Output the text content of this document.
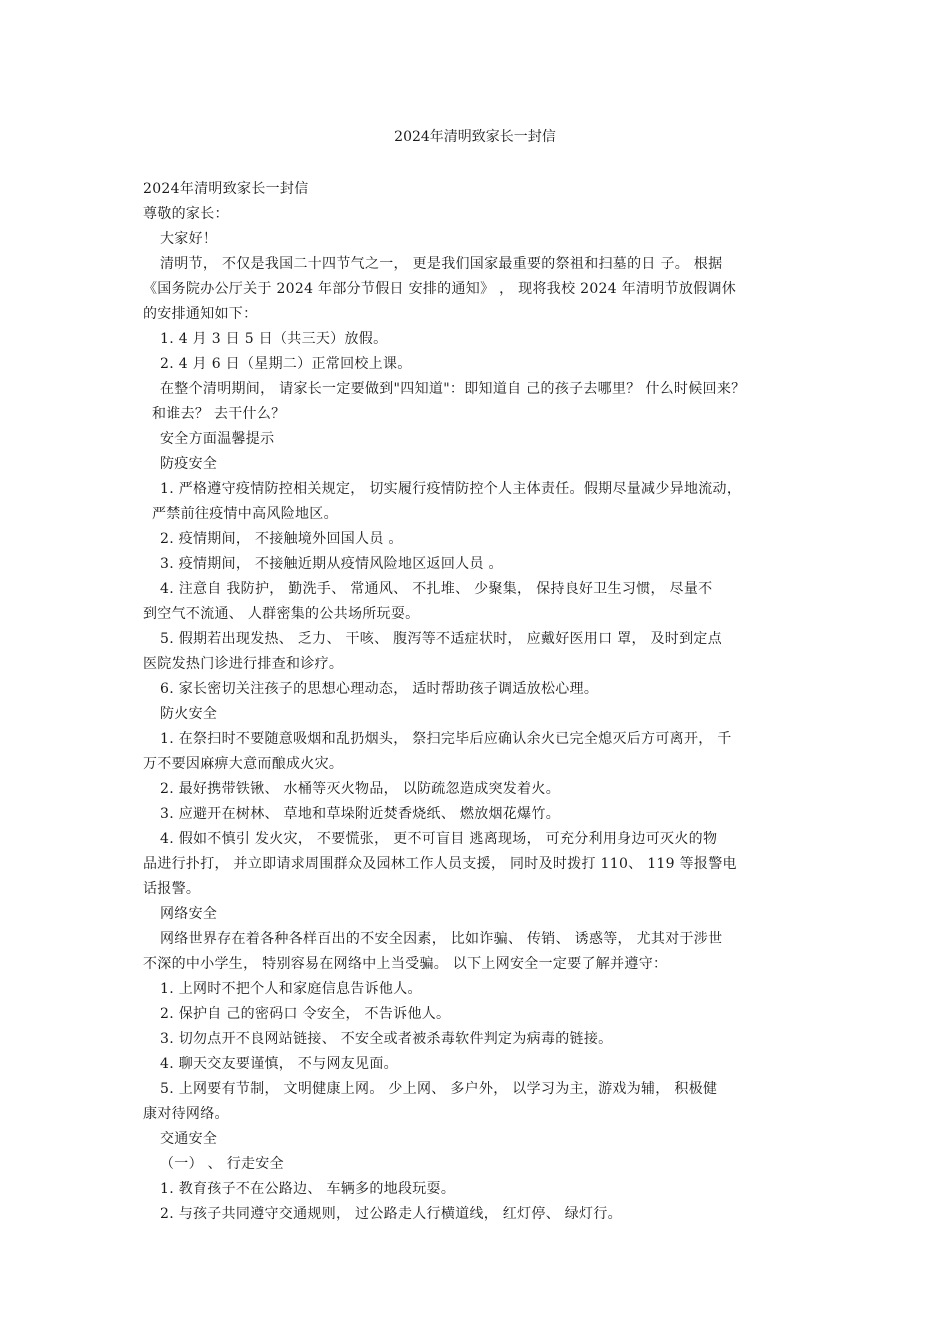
2024年清明致家长一封信
2024年清明致家长一封信
尊敬的家长：
大家好！
清明节， 不仅是我国二十四节气之一， 更是我们国家最重要的祭祖和扫墓的日 子。 根据
《国务院办公厅关于 2024 年部分节假日 安排的通知》 ， 现将我校 2024 年清明节放假调休
的安排通知如下：
1. 4 月 3 日 5 日（共三天）放假。
2. 4 月 6 日（星期二）正常回校上课。
在整个清明期间， 请家长一定要做到"四知道"：即知道自 己的孩子去哪里？ 什么时候回来？
和谁去？ 去干什么？
安全方面温馨提示
防疫安全
1. 严格遵守疫情防控相关规定， 切实履行疫情防控个人主体责任。假期尽量减少异地流动，
严禁前往疫情中高风险地区。
2. 疫情期间， 不接触境外回国人员 。
3. 疫情期间， 不接触近期从疫情风险地区返回人员 。
4. 注意自 我防护， 勤洗手、 常通风、 不扎堆、 少聚集， 保持良好卫生习惯， 尽量不
到空气不流通、 人群密集的公共场所玩耍。
5. 假期若出现发热、 乏力、 干咳、 腹泻等不适症状时， 应戴好医用口 罩， 及时到定点
医院发热门诊进行排查和诊疗。
6. 家长密切关注孩子的思想心理动态， 适时帮助孩子调适放松心理。
防火安全
1. 在祭扫时不要随意吸烟和乱扔烟头， 祭扫完毕后应确认余火已完全熄灭后方可离开， 千
万不要因麻痹大意而酿成火灾。
2. 最好携带铁锹、 水桶等灭火物品， 以防疏忽造成突发着火。
3. 应避开在树林、 草地和草垛附近焚香烧纸、 燃放烟花爆竹。
4. 假如不慎引 发火灾， 不要慌张， 更不可盲目 逃离现场， 可充分利用身边可灭火的物
品进行扑打， 并立即请求周围群众及园林工作人员支援， 同时及时拨打 110、 119 等报警电
话报警。
网络安全
网络世界存在着各种各样百出的不安全因素， 比如诈骗、 传销、 诱惑等， 尤其对于涉世
不深的中小学生， 特别容易在网络中上当受骗。 以下上网安全一定要了解并遵守：
1. 上网时不把个人和家庭信息告诉他人。
2. 保护自 己的密码口 令安全， 不告诉他人。
3. 切勿点开不良网站链接、 不安全或者被杀毒软件判定为病毒的链接。
4. 聊天交友要谨慎， 不与网友见面。
5. 上网要有节制， 文明健康上网。 少上网、 多户外， 以学习为主，游戏为辅， 积极健
康对待网络。
交通安全
（一） 、 行走安全
1. 教育孩子不在公路边、 车辆多的地段玩耍。
2. 与孩子共同遵守交通规则， 过公路走人行横道线， 红灯停、 绿灯行。
